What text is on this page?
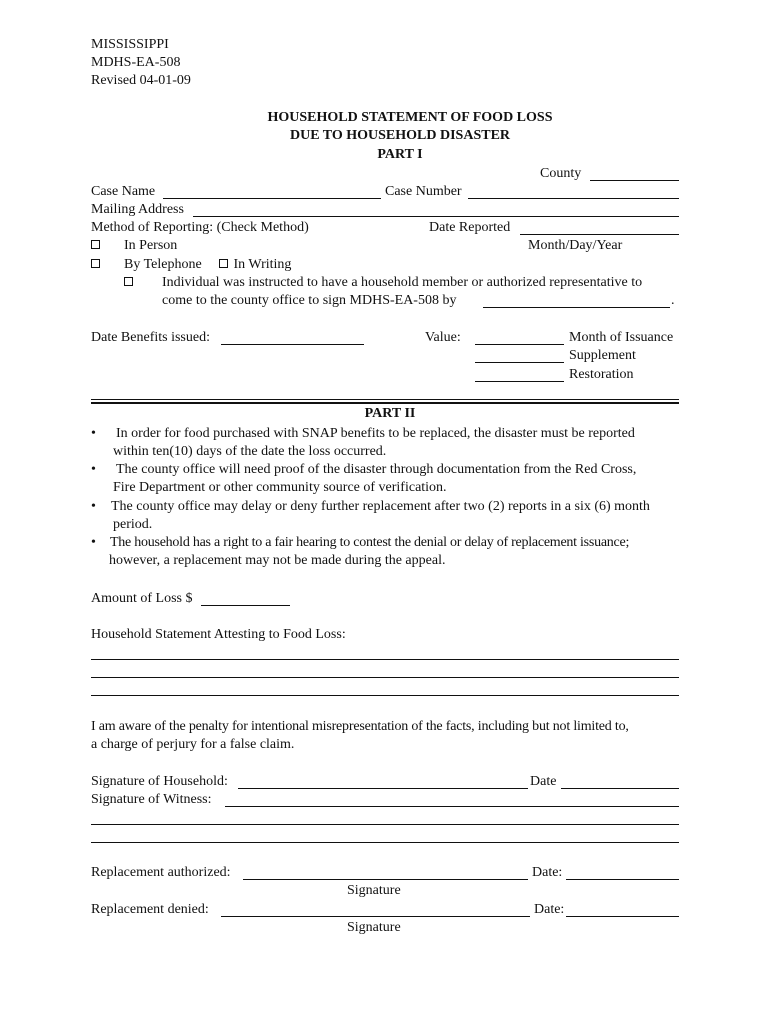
MISSISSIPPI
MDHS-EA-508
Revised 04-01-09
HOUSEHOLD STATEMENT OF FOOD LOSS
DUE TO HOUSEHOLD DISASTER
PART I
County
Case Name	Case Number
Mailing Address
Method of Reporting: (Check Method)	Date Reported
In Person	Month/Day/Year
By Telephone	In Writing
Individual was instructed to have a household member or authorized representative to
come to the county office to sign MDHS-EA-508 by	.
Date Benefits issued:	Value:	Month of Issuance
Supplement
Restoration
PART II
• In order for food purchased with SNAP benefits to be replaced, the disaster must be reported
within ten(10) days of the date the loss occurred.
• The county office will need proof of the disaster through documentation from the Red Cross,
Fire Department or other community source of verification.
• The county office may delay or deny further replacement after two (2) reports in a six (6) month
period.
• The household has a right to a fair hearing to contest the denial or delay of replacement issuance;
however, a replacement may not be made during the appeal.
Amount of Loss $
Household Statement Attesting to Food Loss:
I am aware of the penalty for intentional misrepresentation of the facts, including but not limited to,
a charge of perjury for a false claim.
Signature of Household:	Date
Signature of Witness:
Replacement authorized:	Date:
Signature
Replacement denied:	Date:
Signature
